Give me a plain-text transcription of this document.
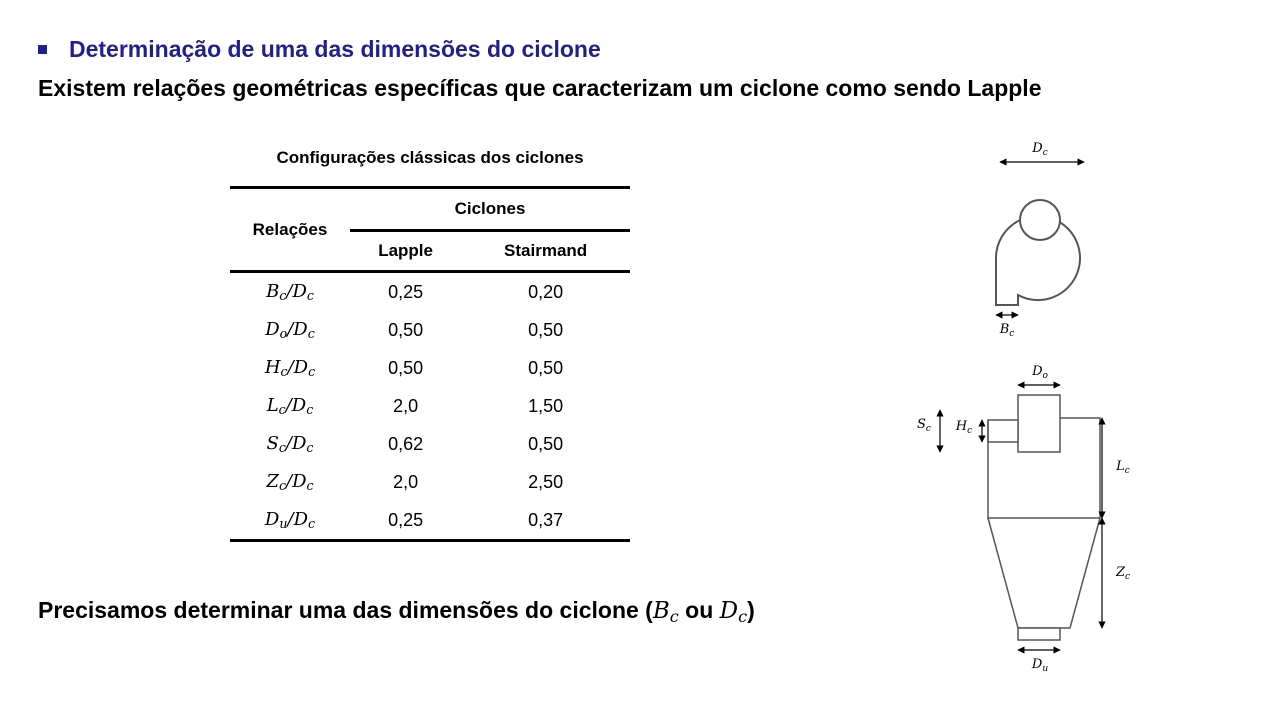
Determinação de uma das dimensões do ciclone
Existem relações geométricas específicas que caracterizam um ciclone como sendo Lapple
Configurações clássicas dos ciclones
Relações	Ciclones	
	Lapple	Stairmand
$B_c/D_c$	0,25	0,20
$D_o/D_c$	0,50	0,50
$H_c/D_c$	0,50	0,50
$L_c/D_c$	2,0	1,50
$S_c/D_c$	0,62	0,50
$Z_c/D_c$	2,0	2,50
$D_u/D_c$	0,25	0,37
Precisamos determinar uma das dimensões do ciclone ($B_c$ ou $D_c$)
$D_c$
$B_c$
$D_o$
$S_c$ $H_c$
$L_c$
$Z_c$
$D_u$
